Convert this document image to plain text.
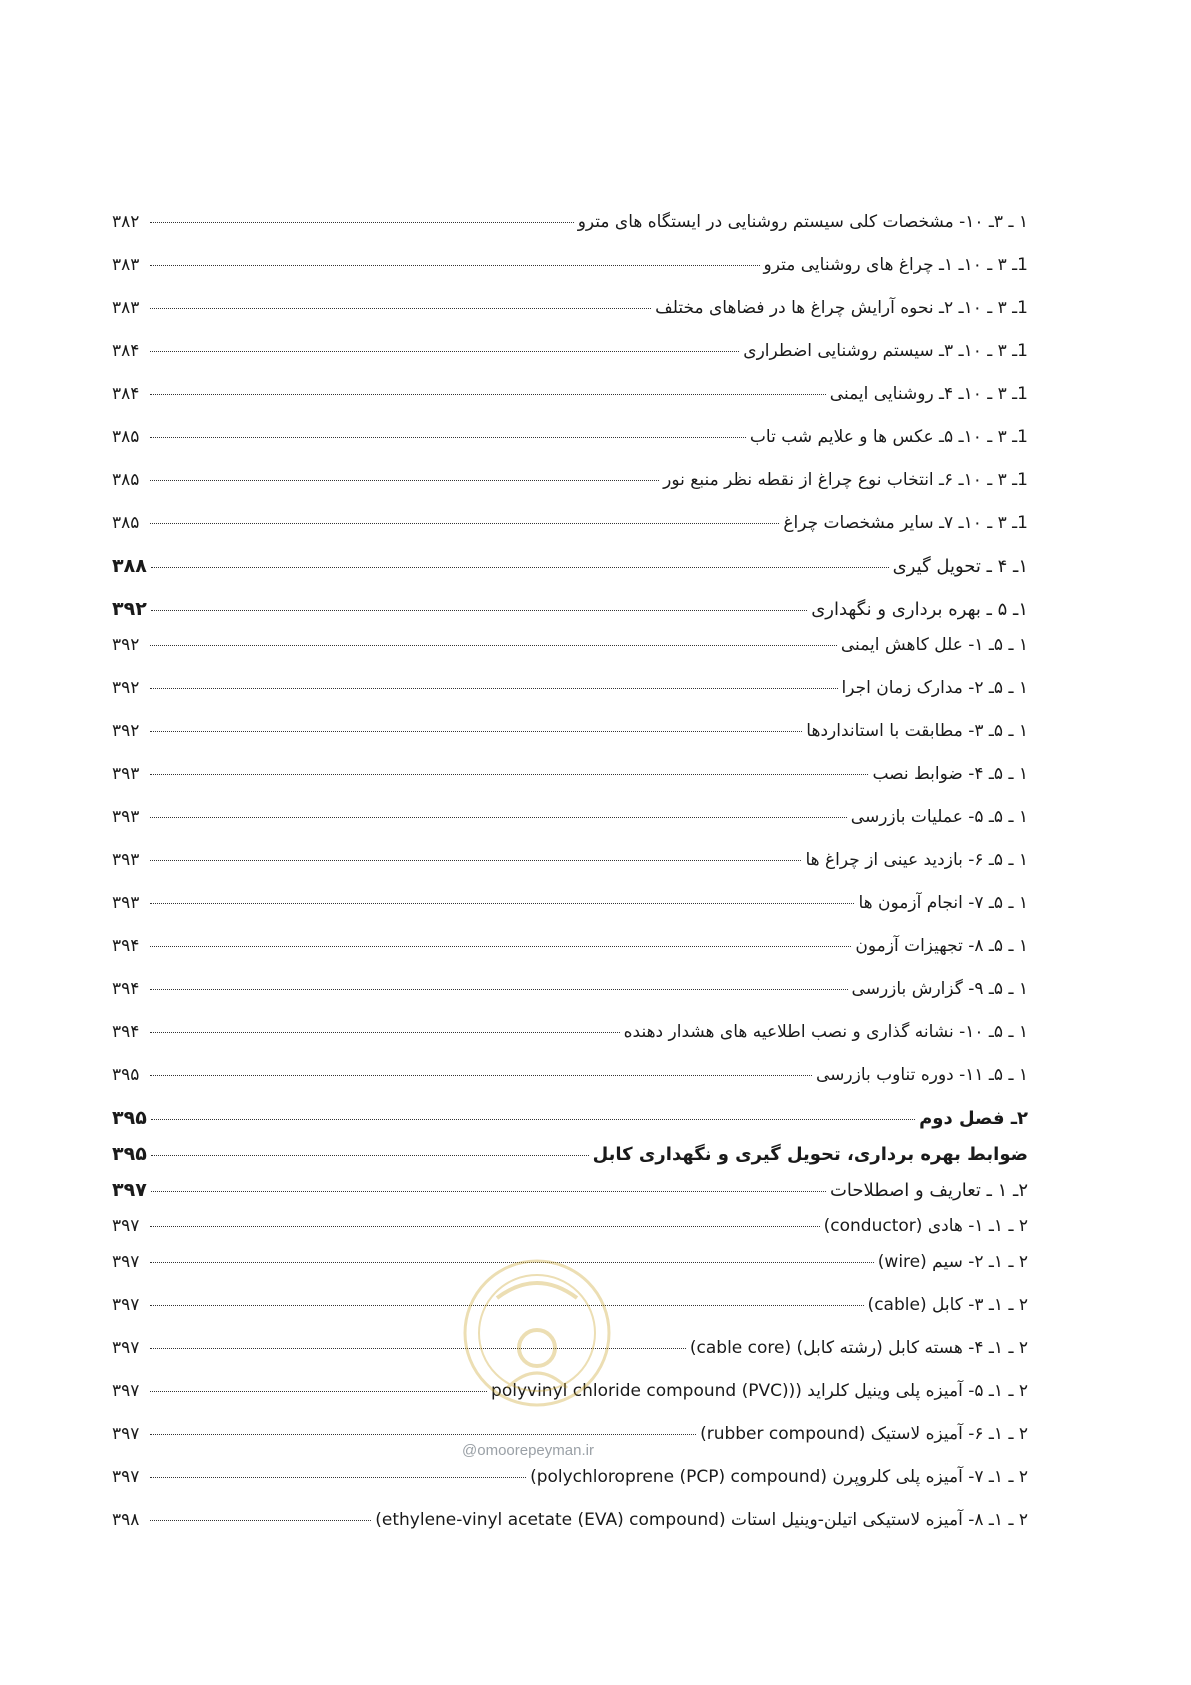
۱ ـ ۳ـ ۱۰- مشخصات کلی سیستم روشنایی در ایستگاه های مترو
۳۸۲
1ـ ۳ ـ ۱۰ـ ۱ـ چراغ های روشنایی مترو
۳۸۳
1ـ ۳ ـ ۱۰ـ ۲ـ نحوه آرایش چراغ ها در فضاهای مختلف
۳۸۳
1ـ ۳ ـ ۱۰ـ ۳ـ سیستم روشنایی اضطراری
۳۸۴
1ـ ۳ ـ ۱۰ـ ۴ـ روشنایی ایمنی
۳۸۴
1ـ ۳ ـ ۱۰ـ ۵ـ عکس ها و علایم شب تاب
۳۸۵
1ـ ۳ ـ ۱۰ـ ۶ـ انتخاب نوع چراغ از نقطه نظر منبع نور
۳۸۵
1ـ ۳ ـ ۱۰ـ ۷ـ سایر مشخصات چراغ
۳۸۵
۱ـ ۴ ـ تحویل گیری
۳۸۸
۱ـ ۵ ـ بهره برداری و نگهداری
۳۹۲
۱ ـ ۵ـ ۱- علل کاهش ایمنی
۳۹۲
۱ ـ ۵ـ ۲- مدارک زمان اجرا
۳۹۲
۱ ـ ۵ـ ۳- مطابقت با استانداردها
۳۹۲
۱ ـ ۵ـ ۴- ضوابط نصب
۳۹۳
۱ ـ ۵ـ ۵- عملیات بازرسی
۳۹۳
۱ ـ ۵ـ ۶- بازدید عینی از چراغ ها
۳۹۳
۱ ـ ۵ـ ۷- انجام آزمون ها
۳۹۳
۱ ـ ۵ـ ۸- تجهیزات آزمون
۳۹۴
۱ ـ ۵ـ ۹- گزارش بازرسی
۳۹۴
۱ ـ ۵ـ ۱۰- نشانه گذاری و نصب اطلاعیه های هشدار دهنده
۳۹۴
۱ ـ ۵ـ ۱۱- دوره تناوب بازرسی
۳۹۵
۲ـ فصل دوم
۳۹۵
ضوابط بهره برداری، تحویل گیری و نگهداری کابل
۳۹۵
۲ـ ۱ ـ تعاریف و اصطلاحات
۳۹۷
۲ ـ ۱ـ ۱- هادی (conductor)
۳۹۷
۲ ـ ۱ـ ۲- سیم (wire)
۳۹۷
۲ ـ ۱ـ ۳- کابل (cable)
۳۹۷
۲ ـ ۱ـ ۴- هسته کابل (رشته کابل) (cable core)
۳۹۷
۲ ـ ۱ـ ۵- آمیزه پلی وینیل کلراید ((polyvinyl chloride compound (PVC)
۳۹۷
۲ ـ ۱ـ ۶- آمیزه لاستیک (rubber compound)
۳۹۷
۲ ـ ۱ـ ۷- آمیزه پلی کلروپرن (polychloroprene (PCP) compound)
۳۹۷
۲ ـ ۱ـ ۸- آمیزه لاستیکی اتیلن-وینیل استات (ethylene-vinyl acetate (EVA) compound)
۳۹۸
@omoorepeyman.ir
